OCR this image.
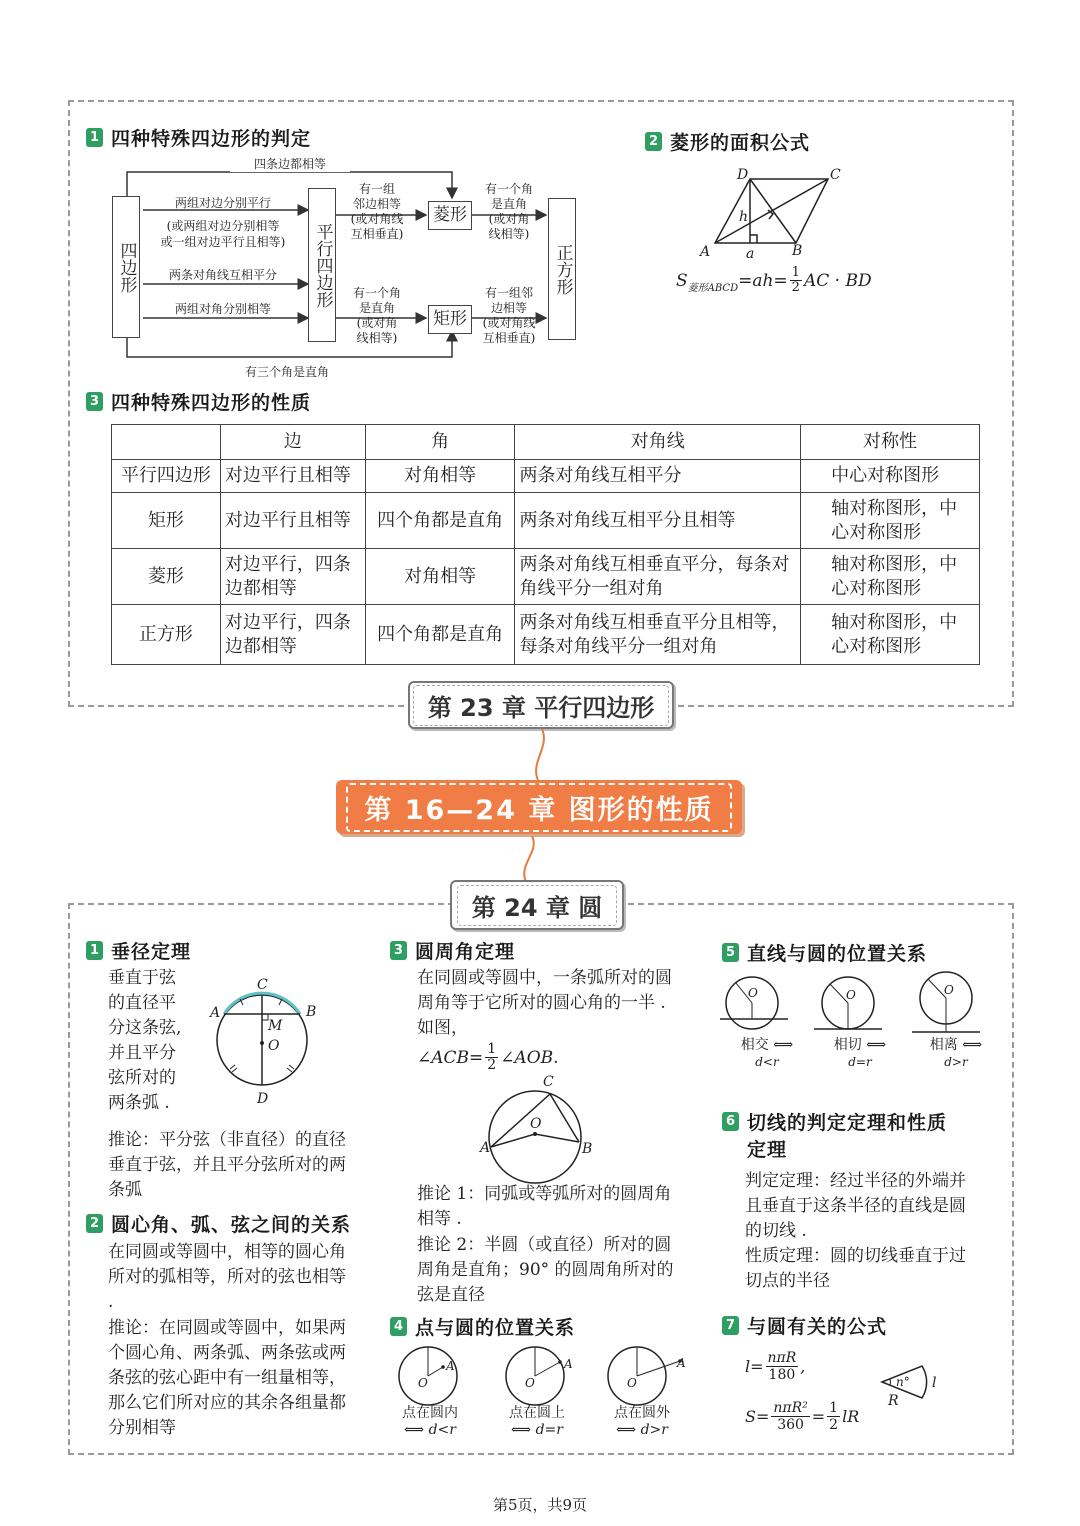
1 四种特殊四边形的判定
四边形	平行四边形
菱形
矩形
正方形
四条边都相等
有三个角是直角
两组对边分别平行
(或两组对边分别相等
或一组对边平行且相等)
两条对角线互相平分
两组对角分别相等
有一组
邻边相等
(或对角线
互相垂直)
有一个角
是直角
(或对角
线相等)
有一个角
是直角
(或对角
线相等)
有一组邻
边相等
(或对角线
互相垂直)
2 菱形的面积公式
A	B
C
D
h
a
S 菱形ABCD $=ah= \frac{1}{2}$ AC · BD
3 四种特殊四边形的性质
	边	角	对角线	对称性
平行四边形	对边平行且相等	对角相等	两条对角线互相平分	中心对称图形
矩形	对边平行且相等	四个角都是直角	两条对角线互相平分且相等	轴对称图形，中心对称图形
菱形	对边平行，四条边都相等	对角相等	两条对角线互相垂直平分，每条对角线平分一组对角	轴对称图形，中心对称图形
正方形	对边平行，四条边都相等	四个角都是直角	两条对角线互相垂直平分且相等，每条对角线平分一组对角	轴对称图形，中心对称图形
第 23 章 平行四边形
第 16—24 章 图形的性质
第 24 章 圆
1 垂径定理
垂直于弦
的直径平
分这条弦,
并且平分
弦所对的
两条弧 .
C
A	B
M
O
D
推论：平分弦（非直径）的直径垂直于弦，并且平分弦所对的两条弧
2 圆心角、弧、弦之间的关系
在同圆或等圆中，相等的圆心角所对的弧相等，所对的弦也相等 .
推论：在同圆或等圆中，如果两个圆心角、两条弧、两条弦或两条弦的弦心距中有一组量相等，那么它们所对应的其余各组量都分别相等
3 圆周角定理
在同圆或等圆中，一条弧所对的圆周角等于它所对的圆心角的一半 . 如图，
∠ACB= $\frac{1}{2}$ ∠AOB.
C
O
A	B
推论 1：同弧或等弧所对的圆周角相等 .
推论 2：半圆（或直径）所对的圆周角是直角；90° 的圆周角所对的弦是直径
4 点与圆的位置关系
O
A
O
A
O
A
点在圆内
⟺ d<r
点在圆上
⟺ d=r
点在圆外
⟺ d>r
5 直线与圆的位置关系
O	O	O
相交 ⟺
d<r
相切 ⟺
d=r
相离 ⟺
d>r
6 切线的判定定理和性质
定理
判定定理：经过半径的外端并且垂直于这条半径的直线是圆的切线 .
性质定理：圆的切线垂直于过切点的半径
7 与圆有关的公式
l= nπR
180 ,
S= nπR²
$360 = \frac{1}{2}$ lR
n° l
R
第5页，共9页
